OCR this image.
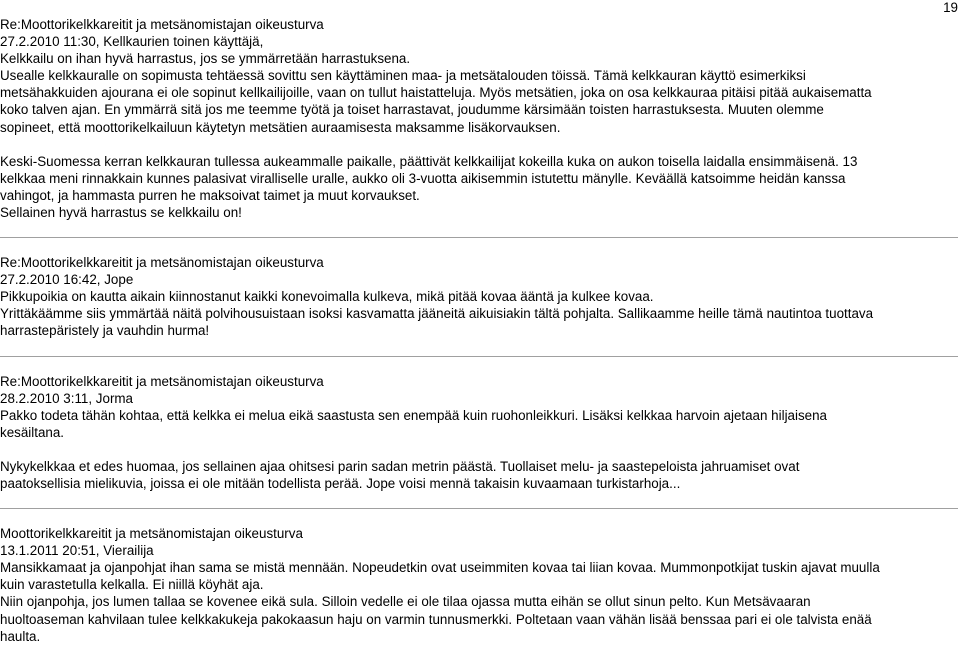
19
Re:Moottorikelkkareitit ja metsänomistajan oikeusturva
27.2.2010 11:30, Kellkaurien toinen käyttäjä,
Kelkkailu on ihan hyvä harrastus, jos se ymmärretään harrastuksena.
Usealle kelkkauralle on sopimusta tehtäessä sovittu sen käyttäminen maa- ja metsätalouden töissä. Tämä kelkkauran käyttö esimerkiksi
metsähakkuiden ajourana ei ole sopinut kellkailijoille, vaan on tullut haistatteluja. Myös metsätien, joka on osa kelkkauraa pitäisi pitää aukaisematta
koko talven ajan. En ymmärrä sitä jos me teemme työtä ja toiset harrastavat, joudumme kärsimään toisten harrastuksesta. Muuten olemme
sopineet, että moottorikelkailuun käytetyn metsätien auraamisesta maksamme lisäkorvauksen.
Keski-Suomessa kerran kelkkauran tullessa aukeammalle paikalle, päättivät kelkkailijat kokeilla kuka on aukon toisella laidalla ensimmäisenä. 13
kelkkaa meni rinnakkain kunnes palasivat viralliselle uralle, aukko oli 3-vuotta aikisemmin istutettu mänylle. Keväällä katsoimme heidän kanssa
vahingot, ja hammasta purren he maksoivat taimet ja muut korvaukset.
Sellainen hyvä harrastus se kelkkailu on!
Re:Moottorikelkkareitit ja metsänomistajan oikeusturva
27.2.2010 16:42, Jope
Pikkupoikia on kautta aikain kiinnostanut kaikki konevoimalla kulkeva, mikä pitää kovaa ääntä ja kulkee kovaa.
Yrittäkäämme siis ymmärtää näitä polvihousuistaan isoksi kasvamatta jääneitä aikuisiakin tältä pohjalta. Sallikaamme heille tämä nautintoa tuottava
harrastepäristely ja vauhdin hurma!
Re:Moottorikelkkareitit ja metsänomistajan oikeusturva
28.2.2010 3:11, Jorma
Pakko todeta tähän kohtaa, että kelkka ei melua eikä saastusta sen enempää kuin ruohonleikkuri. Lisäksi kelkkaa harvoin ajetaan hiljaisena
kesäiltana.
Nykykelkkaa et edes huomaa, jos sellainen ajaa ohitsesi parin sadan metrin päästä. Tuollaiset melu- ja saastepeloista jahruamiset ovat
paatoksellisia mielikuvia, joissa ei ole mitään todellista perää. Jope voisi mennä takaisin kuvaamaan turkistarhoja...
Moottorikelkkareitit ja metsänomistajan oikeusturva
13.1.2011 20:51, Vierailija
Mansikkamaat ja ojanpohjat ihan sama se mistä mennään. Nopeudetkin ovat useimmiten kovaa tai liian kovaa. Mummonpotkijat tuskin ajavat muulla
kuin varastetulla kelkalla. Ei niillä köyhät aja.
Niin ojanpohja, jos lumen tallaa se kovenee eikä sula. Silloin vedelle ei ole tilaa ojassa mutta eihän se ollut sinun pelto. Kun Metsävaaran
huoltoaseman kahvilaan tulee kelkkakukeja pakokaasun haju on varmin tunnusmerkki. Poltetaan vaan vähän lisää benssaa pari ei ole talvista enää
haulta.
